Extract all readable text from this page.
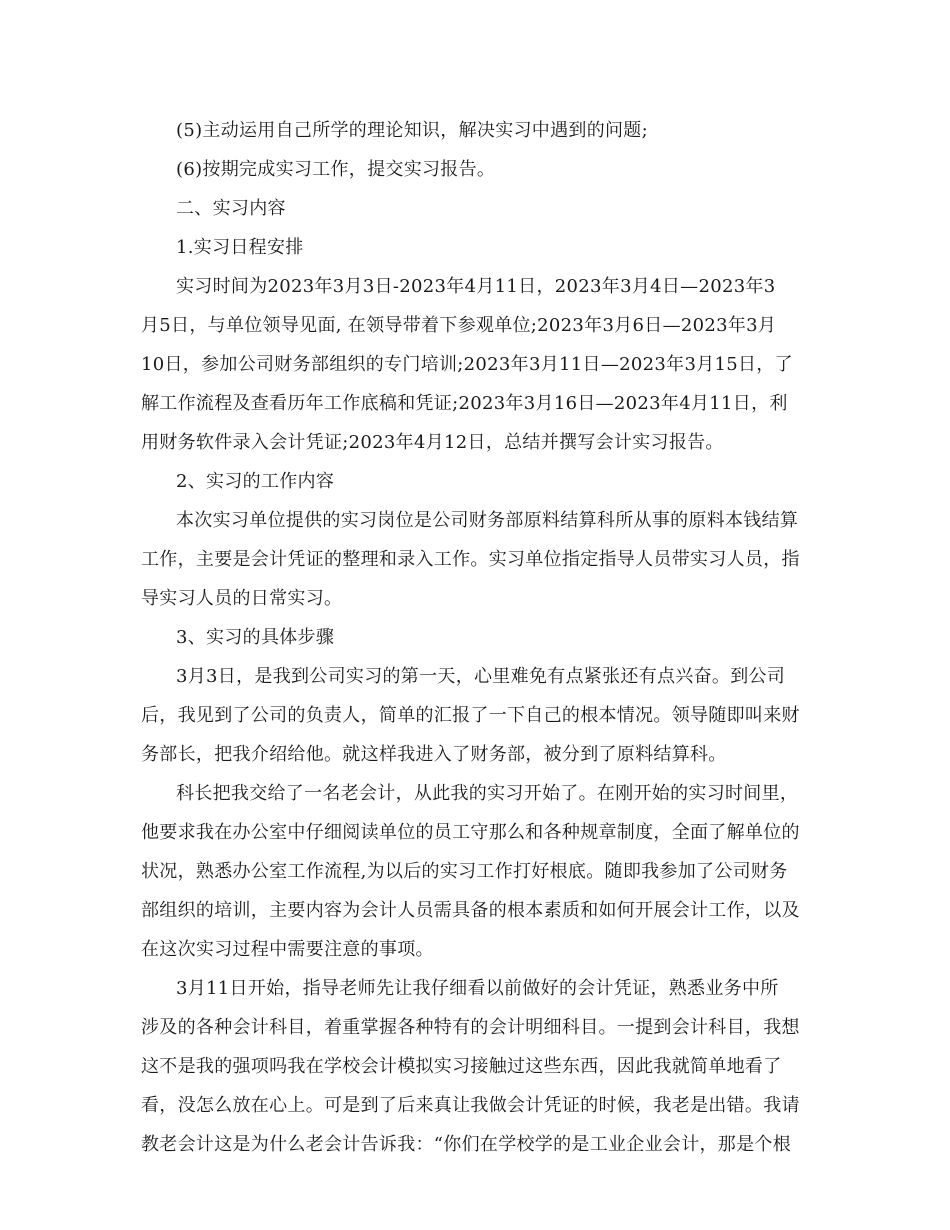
(5)主动运用自己所学的理论知识，解决实习中遇到的问题;
(6)按期完成实习工作，提交实习报告。
二、实习内容
1.实习日程安排
实习时间为2023年3月3日-2023年4月11日，2023年3月4日—2023年3
月5日，与单位领导见面, 在领导带着下参观单位;2023年3月6日—2023年3月
10日，参加公司财务部组织的专门培训;2023年3月11日—2023年3月15日，了
解工作流程及查看历年工作底稿和凭证;2023年3月16日—2023年4月11日，利
用财务软件录入会计凭证;2023年4月12日，总结并撰写会计实习报告。
2、实习的工作内容
本次实习单位提供的实习岗位是公司财务部原料结算科所从事的原料本钱结算
工作，主要是会计凭证的整理和录入工作。实习单位指定指导人员带实习人员，指
导实习人员的日常实习。
3、实习的具体步骤
3月3日，是我到公司实习的第一天，心里难免有点紧张还有点兴奋。到公司
后，我见到了公司的负责人，简单的汇报了一下自己的根本情况。领导随即叫来财
务部长，把我介绍给他。就这样我进入了财务部，被分到了原料结算科。
科长把我交给了一名老会计，从此我的实习开始了。在刚开始的实习时间里，
他要求我在办公室中仔细阅读单位的员工守那么和各种规章制度，全面了解单位的
状况，熟悉办公室工作流程,为以后的实习工作打好根底。随即我参加了公司财务
部组织的培训，主要内容为会计人员需具备的根本素质和如何开展会计工作，以及
在这次实习过程中需要注意的事项。
3月11日开始，指导老师先让我仔细看以前做好的会计凭证，熟悉业务中所
涉及的各种会计科目，着重掌握各种特有的会计明细科目。一提到会计科目，我想
这不是我的强项吗我在学校会计模拟实习接触过这些东西，因此我就简单地看了
看，没怎么放在心上。可是到了后来真让我做会计凭证的时候，我老是出错。我请
教老会计这是为什么老会计告诉我：“你们在学校学的是工业企业会计，那是个根
